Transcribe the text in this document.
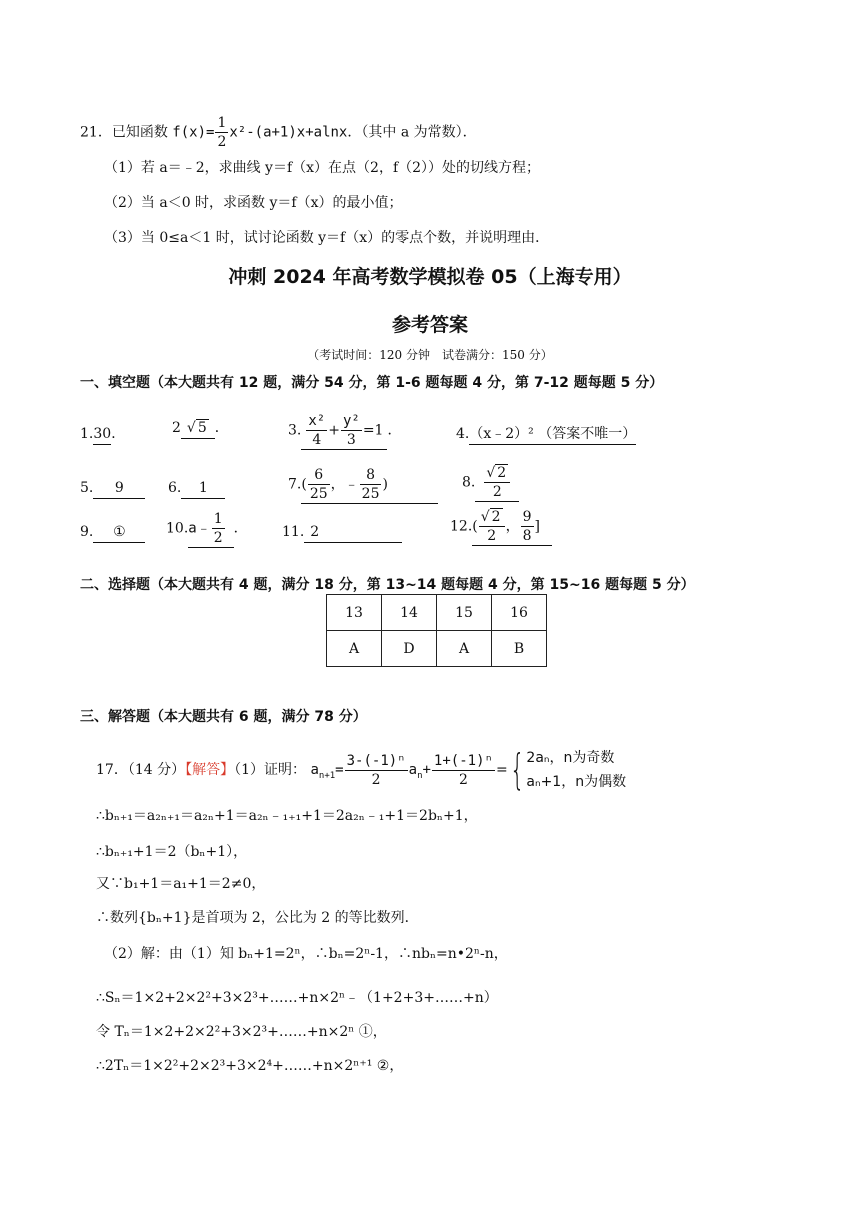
21．已知函数 $f(x)= \frac{1}{2} x^2-(a+1)x+alnx$．（其中 a 为常数）．
（1）若 a＝﹣2，求曲线 y＝f（x）在点（2，f（2））处的切线方程；
（2）当 a＜0 时，求函数 y＝f（x）的最小值；
（3）当 0≤a＜1 时，试讨论函数 y＝f（x）的零点个数，并说明理由．
冲刺 2024 年高考数学模拟卷 05（上海专用）
参考答案
（考试时间：120 分钟　试卷满分：150 分）
一、填空题（本大题共有 12 题，满分 54 分，第 1-6 题每题 4 分，第 7-12 题每题 5 分）
1.30．	2 √ 5 ．	3. $\frac{\text{x²}}{4} + \frac{\text{y²}}{3} =1$ ．	4.（x﹣2）² （答案不唯一）
5. 9	6. 1	$7.( \frac{6}{25}$ ，﹣ $\frac{8}{25}$ )	8. $\frac{√ 2}{2}$
9. ①	10.a﹣ $\frac{1}{2}$ ． 11. 2	$12.( \frac{√ 2}{2}$ ， $\frac{9}{8}$ ]
二、选择题（本大题共有 4 题，满分 18 分，第 13~14 题每题 4 分，第 15~16 题每题 5 分）
13	14	15	16
A	D	A	B
三、解答题（本大题共有 6 题，满分 78 分）
17．（14 分）【解答】（1）证明： $a_{n+1}= \frac{\text{3-(-1)ⁿ}}{2} a_n+ \frac{\text{1+(-1)ⁿ}}{2}$ ={ 2aₙ，n为奇数
aₙ+1，n为偶数
∴bₙ₊₁＝a₂ₙ₊₁＝a₂ₙ+1＝a₂ₙ﹣₁₊₁+1＝2a₂ₙ﹣₁+1＝2bₙ+1，
∴bₙ₊₁+1＝2（bₙ+1），
又∵b₁+1＝a₁+1＝2≠0，
∴数列{bₙ+1}是首项为 2，公比为 2 的等比数列．
（2）解：由（1）知 bₙ+1=2ⁿ，∴bₙ=2ⁿ-1，∴nbₙ=n•2ⁿ-n，
∴Sₙ＝1×2+2×2²+3×2³+……+n×2ⁿ﹣（1+2+3+……+n）
令 Tₙ＝1×2+2×2²+3×2³+……+n×2ⁿ ①，
∴2Tₙ＝1×2²+2×2³+3×2⁴+……+n×2ⁿ⁺¹ ②，
